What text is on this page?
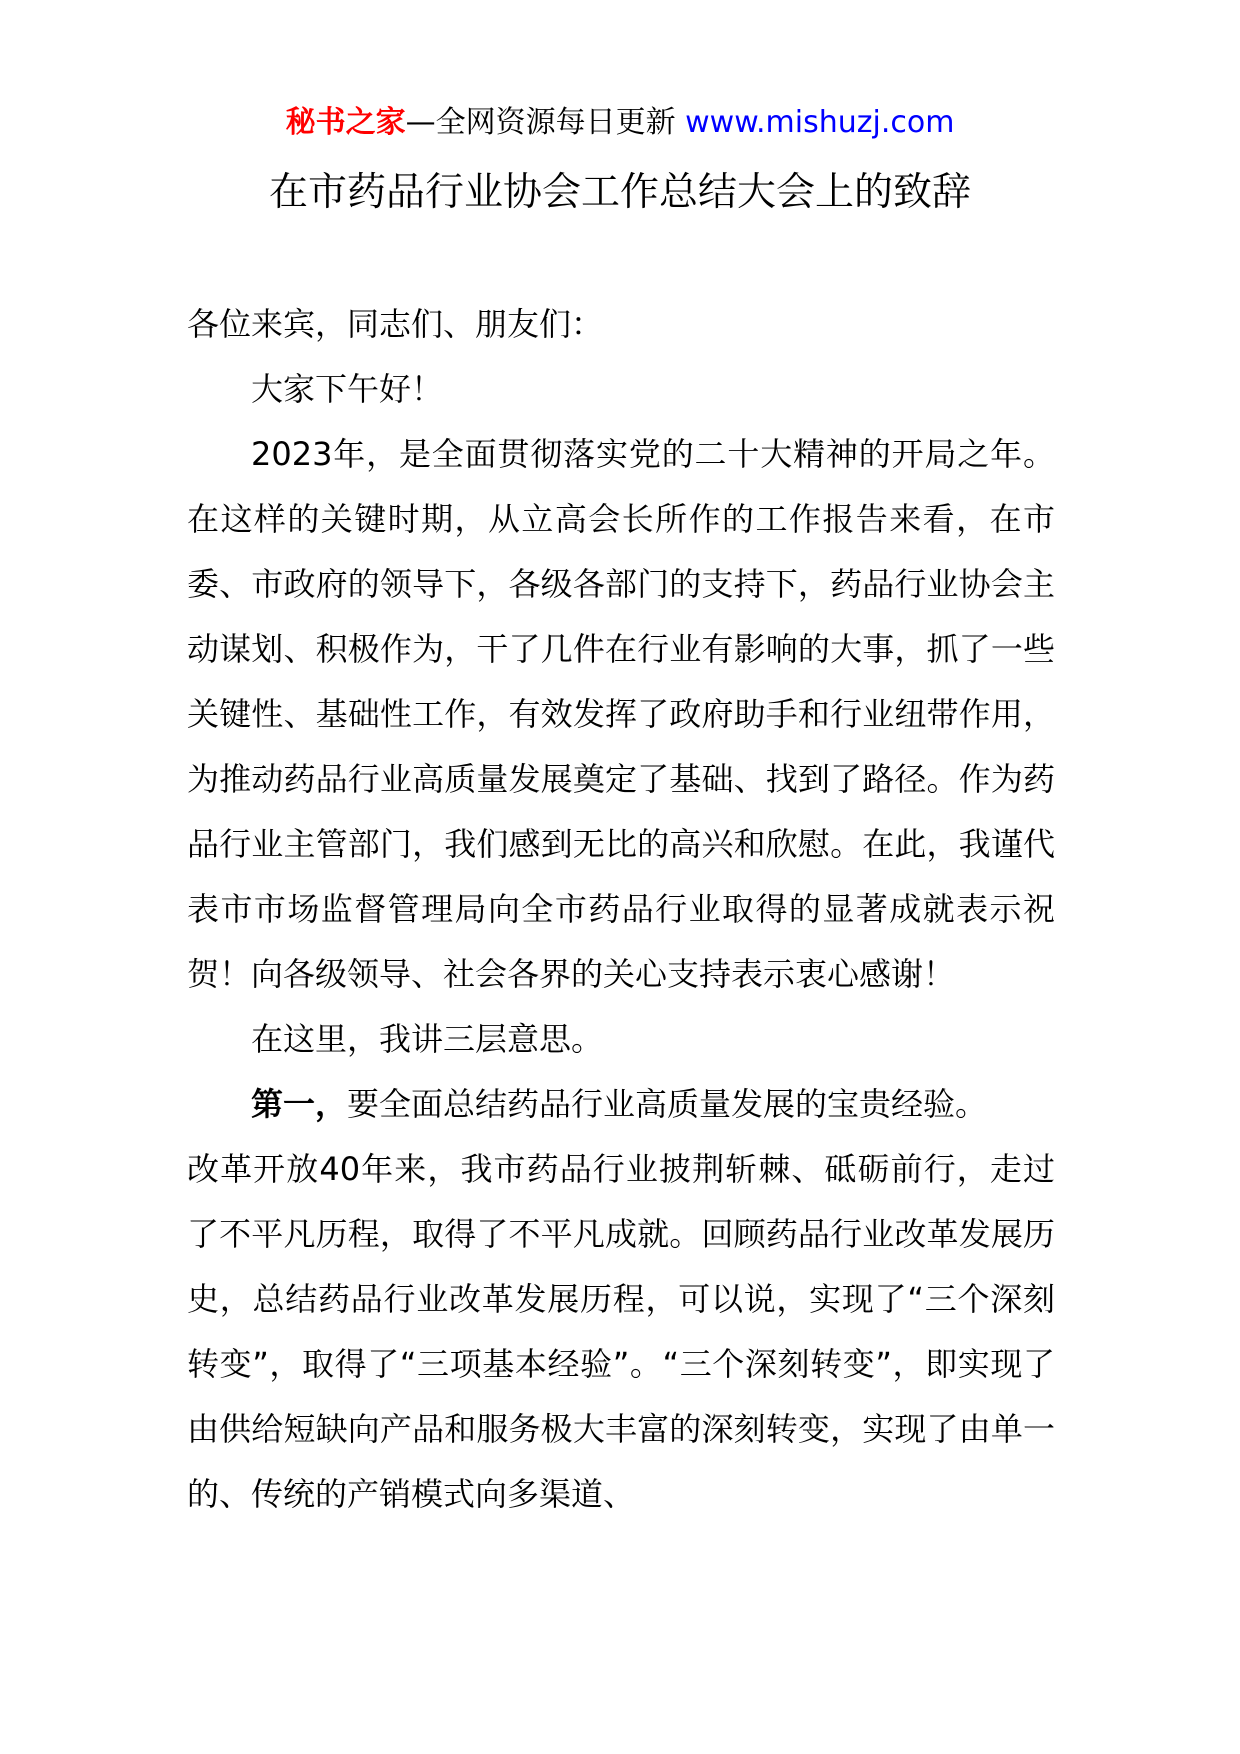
秘书之家—全网资源每日更新 www.mishuzj.com
在市药品行业协会工作总结大会上的致辞

各位来宾，同志们、朋友们：

大家下午好！

2023年，是全面贯彻落实党的二十大精神的开局之年。在这样的关键时期，从立高会长所作的工作报告来看，在市委、市政府的领导下，各级各部门的支持下，药品行业协会主动谋划、积极作为，干了几件在行业有影响的大事，抓了一些关键性、基础性工作，有效发挥了政府助手和行业纽带作用，为推动药品行业高质量发展奠定了基础、找到了路径。作为药品行业主管部门，我们感到无比的高兴和欣慰。在此，我谨代表市市场监督管理局向全市药品行业取得的显著成就表示祝贺！向各级领导、社会各界的关心支持表示衷心感谢！

在这里，我讲三层意思。

第一，要全面总结药品行业高质量发展的宝贵经验。

改革开放40年来，我市药品行业披荆斩棘、砥砺前行，走过了不平凡历程，取得了不平凡成就。回顾药品行业改革发展历史，总结药品行业改革发展历程，可以说，实现了“三个深刻转变”，取得了“三项基本经验”。“三个深刻转变”，即实现了由供给短缺向产品和服务极大丰富的深刻转变，实现了由单一的、传统的产销模式向多渠道、
